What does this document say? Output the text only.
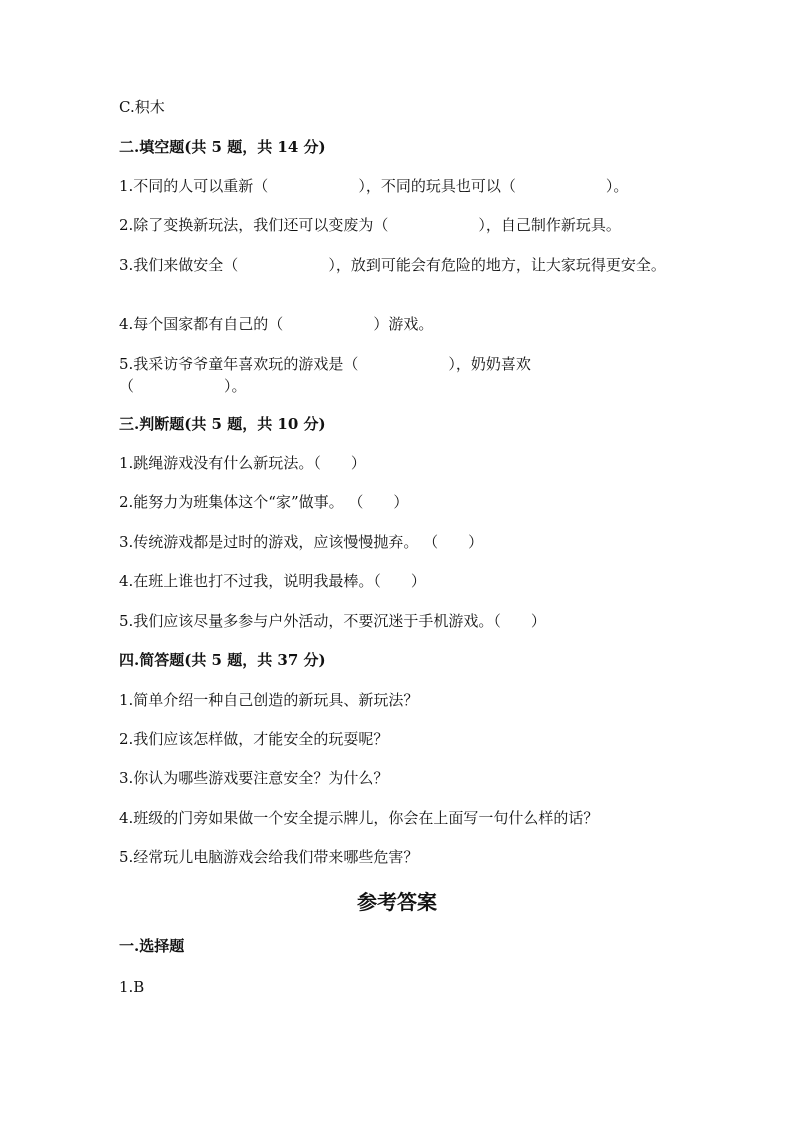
C.积木
二.填空题(共 5 题，共 14 分)
1.不同的人可以重新（　　　　　　），不同的玩具也可以（　　　　　　）。
2.除了变换新玩法，我们还可以变废为（　　　　　　），自己制作新玩具。
3.我们来做安全（　　　　　　），放到可能会有危险的地方，让大家玩得更安全。
4.每个国家都有自己的（　　　　　　）游戏。
5.我采访爷爷童年喜欢玩的游戏是（　　　　　　），奶奶喜欢（　　　　　　）。
三.判断题(共 5 题，共 10 分)
1.跳绳游戏没有什么新玩法。（　　）
2.能努力为班集体这个“家”做事。 （　　）
3.传统游戏都是过时的游戏，应该慢慢抛弃。 （　　）
4.在班上谁也打不过我，说明我最棒。（　　）
5.我们应该尽量多参与户外活动，不要沉迷于手机游戏。（　　）
四.简答题(共 5 题，共 37 分)
1.简单介绍一种自己创造的新玩具、新玩法？
2.我们应该怎样做，才能安全的玩耍呢？
3.你认为哪些游戏要注意安全？为什么？
4.班级的门旁如果做一个安全提示牌儿，你会在上面写一句什么样的话？
5.经常玩儿电脑游戏会给我们带来哪些危害？
参考答案
一.选择题
1.B
